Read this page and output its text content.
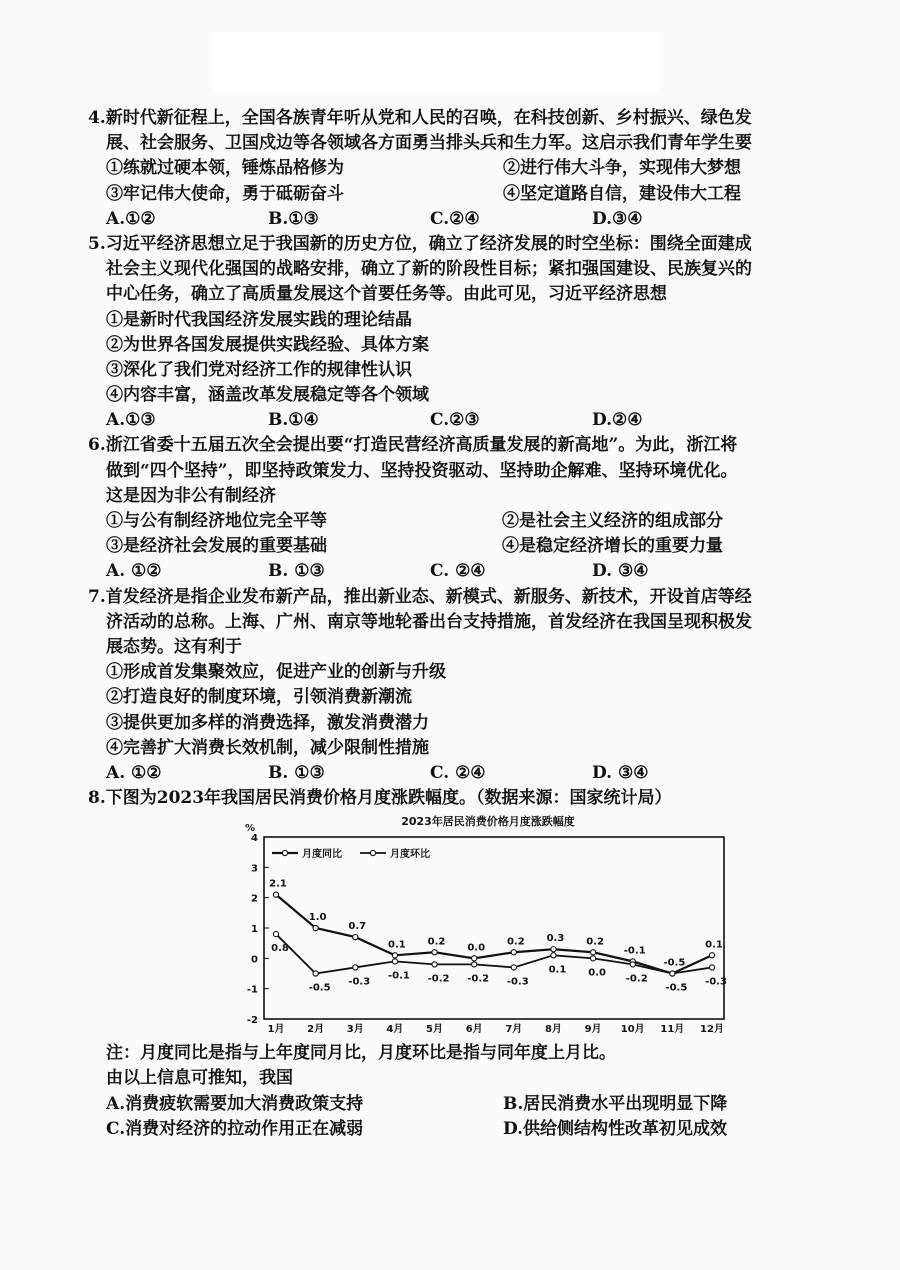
4.新时代新征程上，全国各族青年听从党和人民的召唤，在科技创新、乡村振兴、绿色发
展、社会服务、卫国戍边等各领域各方面勇当排头兵和生力军。这启示我们青年学生要
①练就过硬本领，锤炼品格修为	②进行伟大斗争，实现伟大梦想
③牢记伟大使命，勇于砥砺奋斗	④坚定道路自信，建设伟大工程
A.①②	B.①③	C.②④	D.③④
5.习近平经济思想立足于我国新的历史方位，确立了经济发展的时空坐标：围绕全面建成
社会主义现代化强国的战略安排，确立了新的阶段性目标；紧扣强国建设、民族复兴的
中心任务，确立了高质量发展这个首要任务等。由此可见，习近平经济思想
①是新时代我国经济发展实践的理论结晶
②为世界各国发展提供实践经验、具体方案
③深化了我们党对经济工作的规律性认识
④内容丰富，涵盖改革发展稳定等各个领域
A.①③	B.①④	C.②③	D.②④
6.浙江省委十五届五次全会提出要“打造民营经济高质量发展的新高地”。为此，浙江将
做到“四个坚持”，即坚持政策发力、坚持投资驱动、坚持助企解难、坚持环境优化。
这是因为非公有制经济
①与公有制经济地位完全平等	②是社会主义经济的组成部分
③是经济社会发展的重要基础	④是稳定经济增长的重要力量
A. ①②	B. ①③	C. ②④	D. ③④
7.首发经济是指企业发布新产品，推出新业态、新模式、新服务、新技术，开设首店等经
济活动的总称。上海、广州、南京等地轮番出台支持措施，首发经济在我国呈现积极发
展态势。这有利于
①形成首发集聚效应，促进产业的创新与升级
②打造良好的制度环境，引领消费新潮流
③提供更加多样的消费选择，激发消费潜力
④完善扩大消费长效机制，减少限制性措施
A. ①②	B. ①③	C. ②④	D. ③④
8.下图为2023年我国居民消费价格月度涨跌幅度。（数据来源：国家统计局）
2023年居民消费价格月度涨跌幅度
4
3
2
1
0
-1
-2
%
1月 2月 3月 4月 5月 6月 7月 8月 9月 10月 11月 12月
2.1
1.0
0.7
0.1 0.2
0.0
0.2 0.3 0.2
-0.1
-0.5
0.1
0.8
-0.5
-0.3
-0.1 -0.2 -0.2 -0.3
0.1 0.0
-0.2
-0.5
-0.3
月度同比	月度环比
注：月度同比是指与上年度同月比，月度环比是指与同年度上月比。
由以上信息可推知，我国
A.消费疲软需要加大消费政策支持	B.居民消费水平出现明显下降
C.消费对经济的拉动作用正在减弱	D.供给侧结构性改革初见成效
